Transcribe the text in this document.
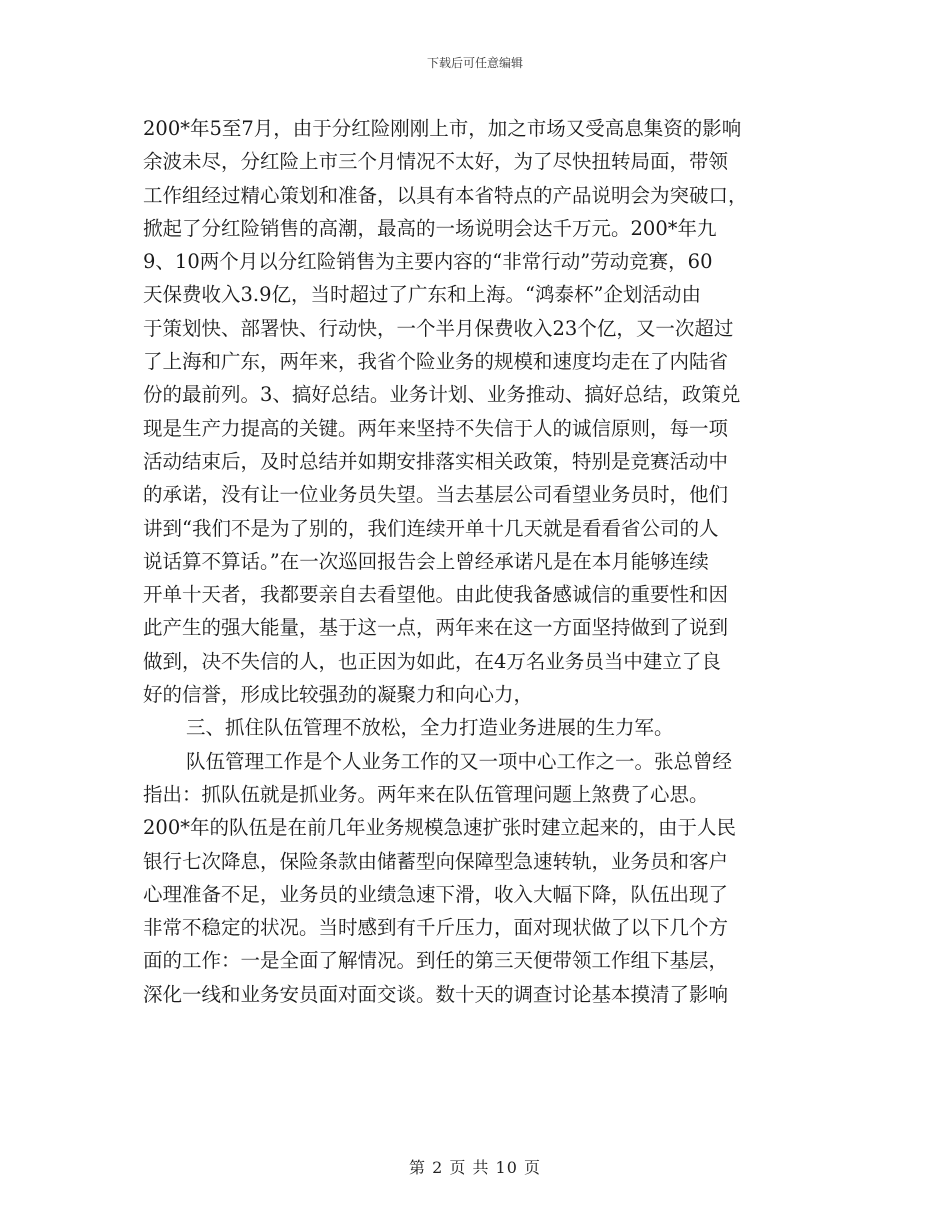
下载后可任意编辑
200*年5至7月，由于分红险刚刚上市，加之市场又受高息集资的影响
余波未尽，分红险上市三个月情况不太好，为了尽快扭转局面，带领
工作组经过精心策划和准备，以具有本省特点的产品说明会为突破口，
掀起了分红险销售的高潮，最高的一场说明会达千万元。200*年九
9、10两个月以分红险销售为主要内容的“非常行动”劳动竞赛，60
天保费收入3.9亿，当时超过了广东和上海。“鸿泰杯”企划活动由
于策划快、部署快、行动快，一个半月保费收入23个亿，又一次超过
了上海和广东，两年来，我省个险业务的规模和速度均走在了内陆省
份的最前列。3、搞好总结。业务计划、业务推动、搞好总结，政策兑
现是生产力提高的关键。两年来坚持不失信于人的诚信原则，每一项
活动结束后，及时总结并如期安排落实相关政策，特别是竞赛活动中
的承诺，没有让一位业务员失望。当去基层公司看望业务员时，他们
讲到“我们不是为了别的，我们连续开单十几天就是看看省公司的人
说话算不算话。”在一次巡回报告会上曾经承诺凡是在本月能够连续
开单十天者，我都要亲自去看望他。由此使我备感诚信的重要性和因
此产生的强大能量，基于这一点，两年来在这一方面坚持做到了说到
做到，决不失信的人，也正因为如此，在4万名业务员当中建立了良
好的信誉，形成比较强劲的凝聚力和向心力，
三、抓住队伍管理不放松，全力打造业务进展的生力军。
队伍管理工作是个人业务工作的又一项中心工作之一。张总曾经
指出：抓队伍就是抓业务。两年来在队伍管理问题上煞费了心思。
200*年的队伍是在前几年业务规模急速扩张时建立起来的，由于人民
银行七次降息，保险条款由储蓄型向保障型急速转轨，业务员和客户
心理准备不足，业务员的业绩急速下滑，收入大幅下降，队伍出现了
非常不稳定的状况。当时感到有千斤压力，面对现状做了以下几个方
面的工作：一是全面了解情况。到任的第三天便带领工作组下基层，
深化一线和业务安员面对面交谈。数十天的调查讨论基本摸清了影响
第 2 页 共 10 页
